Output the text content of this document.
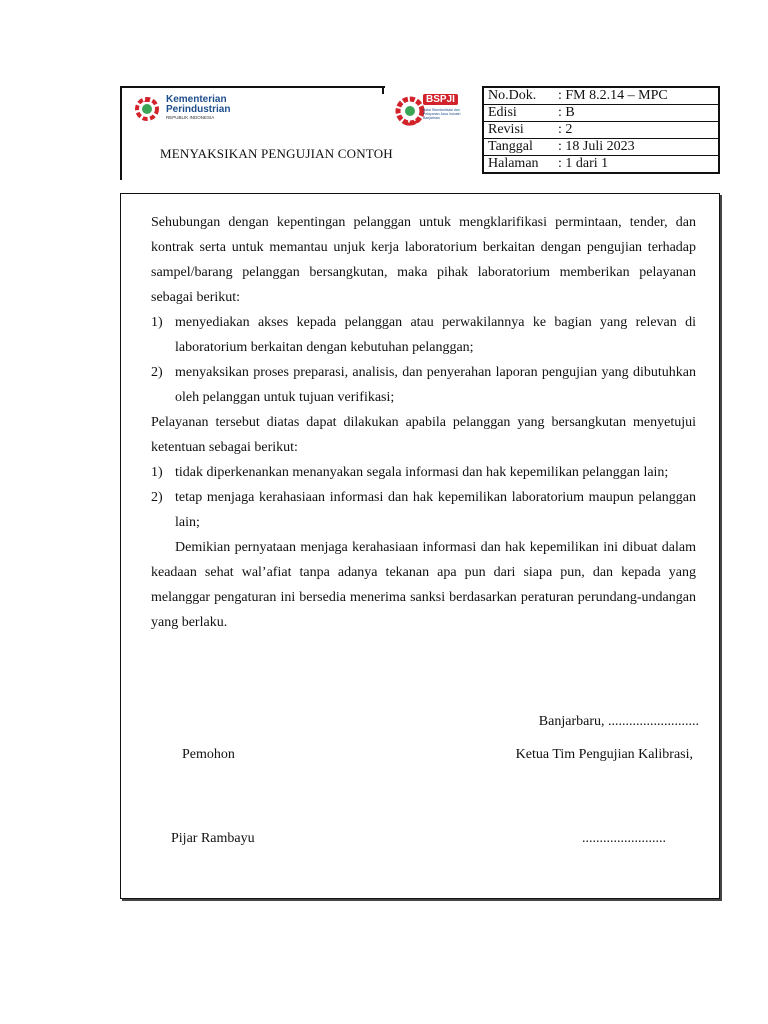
Kementerian
Perindustrian
REPUBLIK INDONESIA
BSPJI
Balai Standardisasi dan Pelayanan Jasa Industri Banjarbaru
MENYAKSIKAN PENGUJIAN CONTOH
No.Dok.	: FM 8.2.14 – MPC
Edisi	: B
Revisi	: 2
Tanggal	: 18 Juli 2023
Halaman	: 1 dari 1

Sehubungan dengan kepentingan pelanggan untuk mengklarifikasi permintaan, tender, dan kontrak serta untuk memantau unjuk kerja laboratorium berkaitan dengan pengujian terhadap sampel/barang pelanggan bersangkutan, maka pihak laboratorium memberikan pelayanan sebagai berikut:

1) menyediakan akses kepada pelanggan atau perwakilannya ke bagian yang relevan di laboratorium berkaitan dengan kebutuhan pelanggan;
2) menyaksikan proses preparasi, analisis, dan penyerahan laporan pengujian yang dibutuhkan oleh pelanggan untuk tujuan verifikasi;

Pelayanan tersebut diatas dapat dilakukan apabila pelanggan yang bersangkutan menyetujui ketentuan sebagai berikut:

1) tidak diperkenankan menanyakan segala informasi dan hak kepemilikan pelanggan lain;
2) tetap menjaga kerahasiaan informasi dan hak kepemilikan laboratorium maupun pelanggan lain;

Demikian pernyataan menjaga kerahasiaan informasi dan hak kepemilikan ini dibuat dalam keadaan sehat wal’afiat tanpa adanya tekanan apa pun dari siapa pun, dan kepada yang melanggar pengaturan ini bersedia menerima sanksi berdasarkan peraturan perundang-undangan yang berlaku.

Banjarbaru, ..........................
Pemohon	Ketua Tim Pengujian Kalibrasi,
Pijar Rambayu	........................
